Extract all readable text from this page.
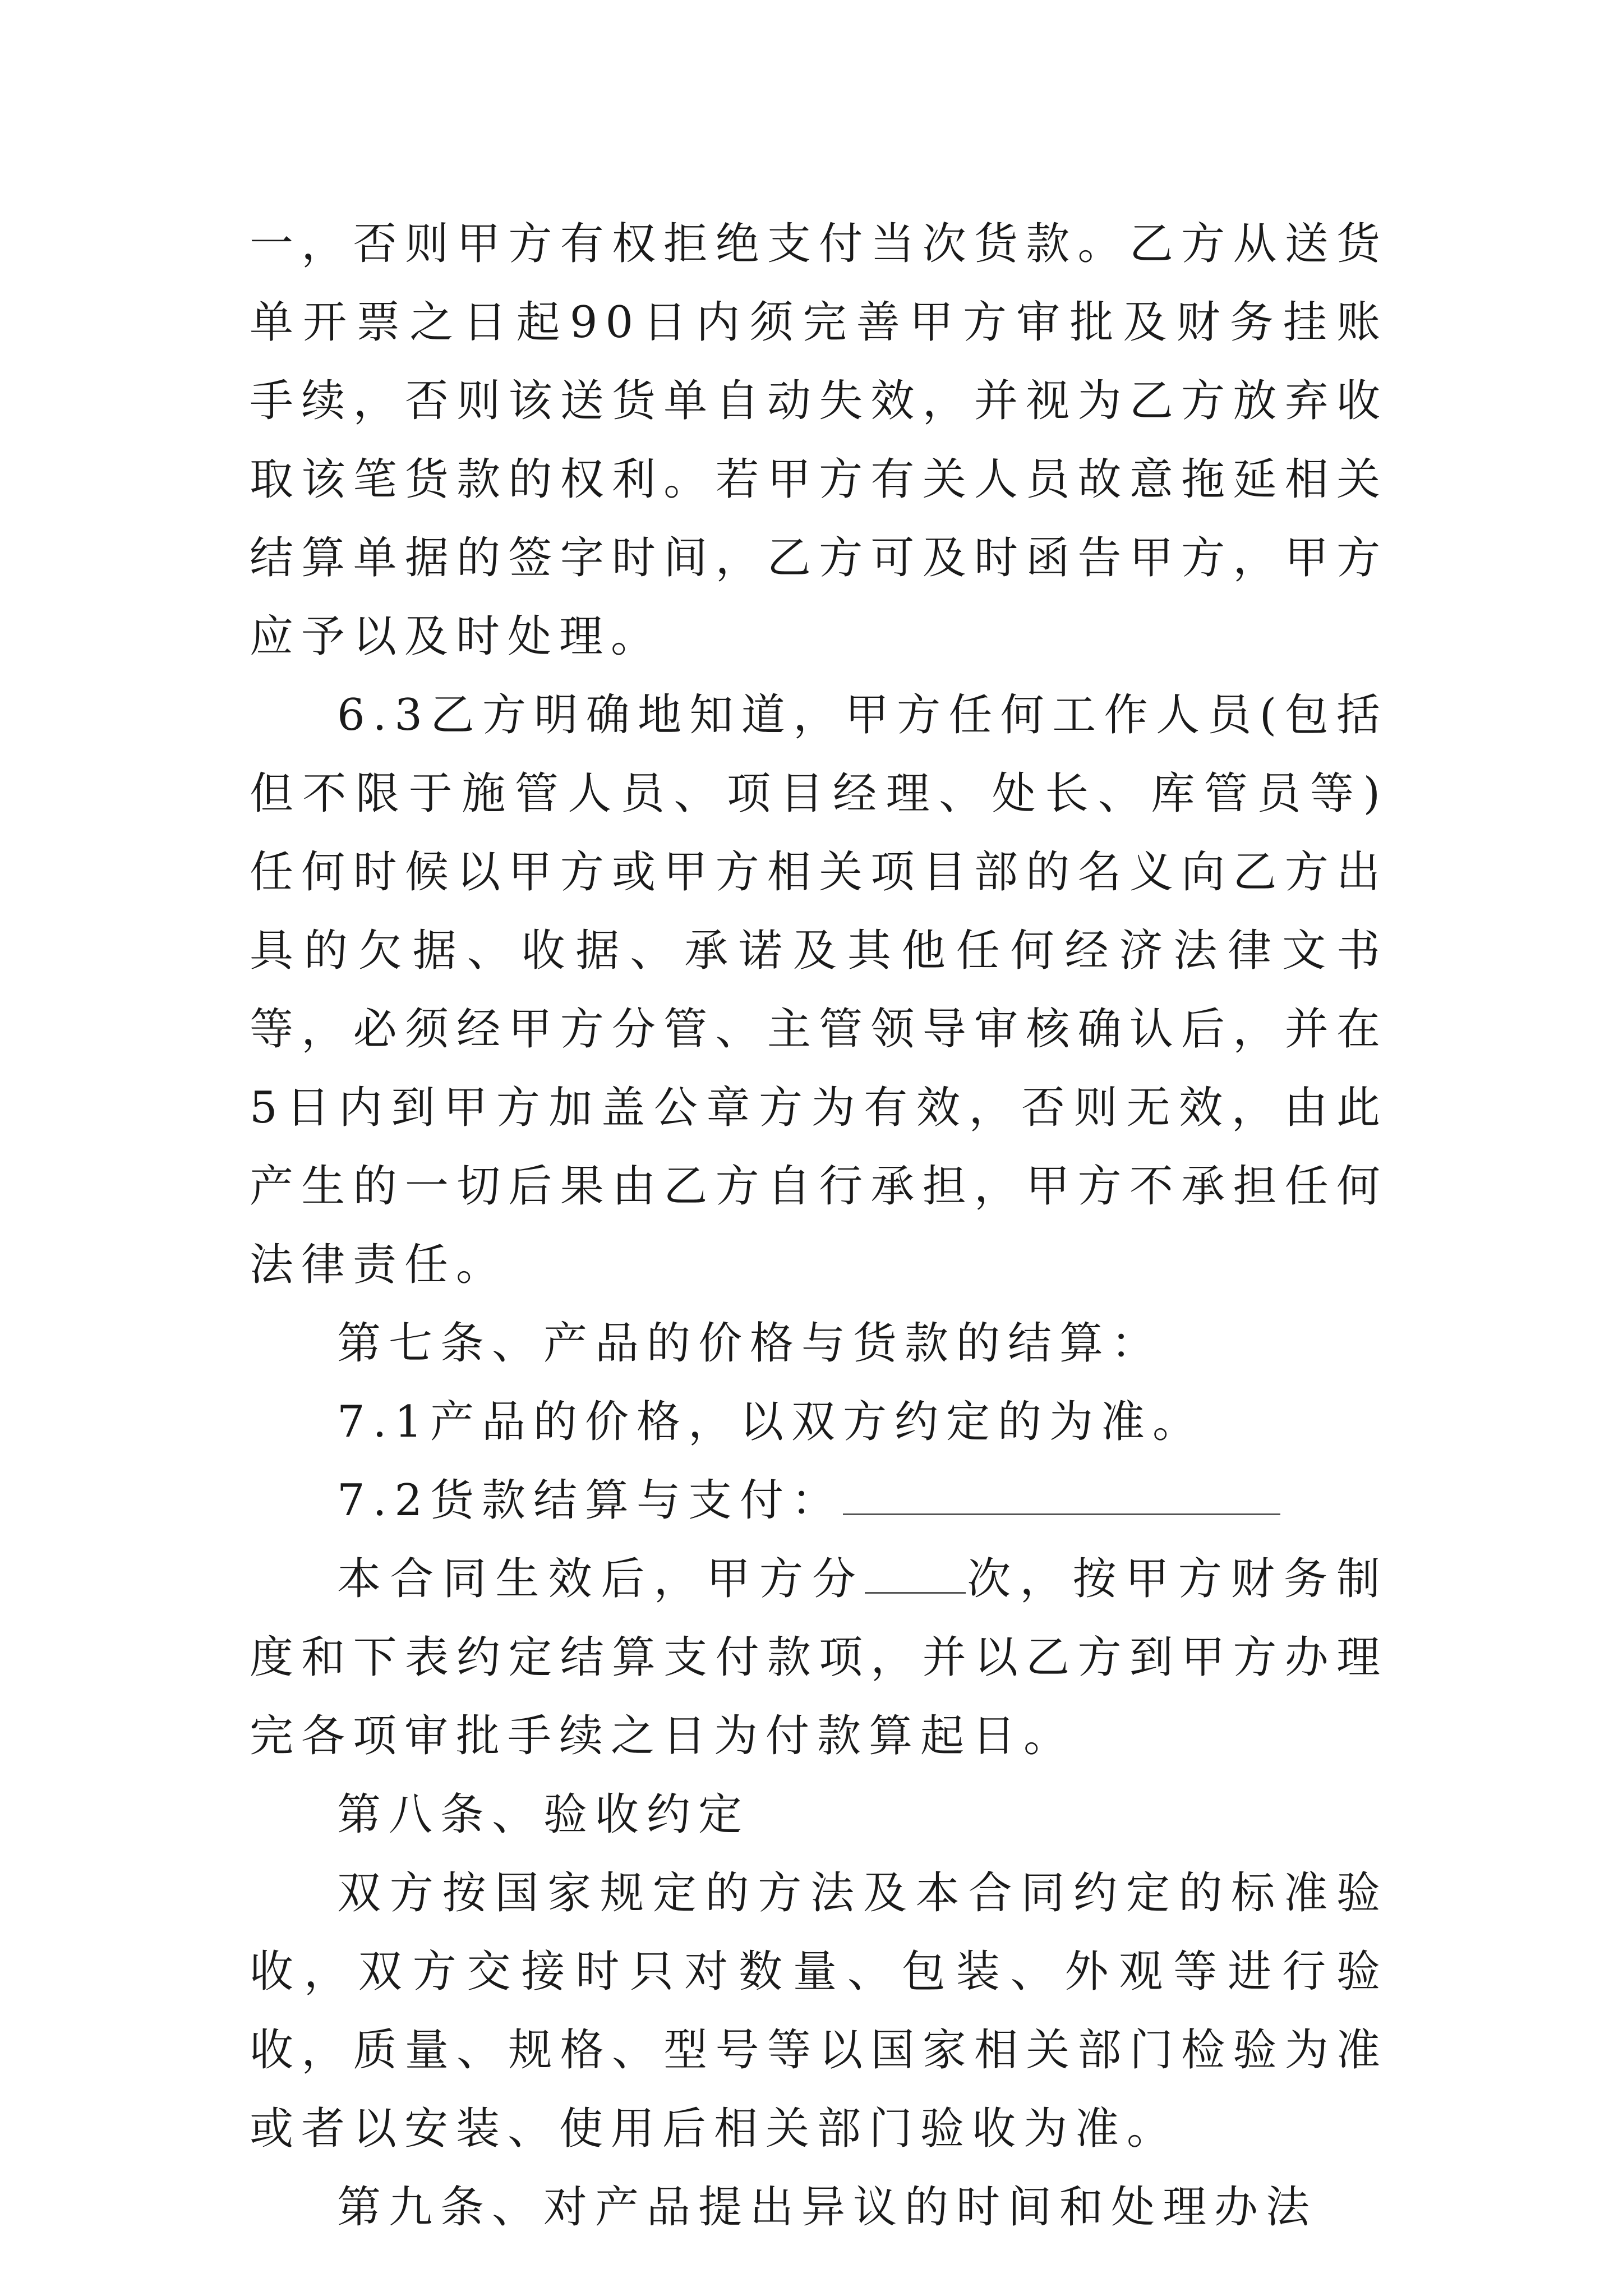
一，否则甲方有权拒绝支付当次货款。乙方从送货单开票之日起90日内须完善甲方审批及财务挂账手续，否则该送货单自动失效，并视为乙方放弃收取该笔货款的权利。若甲方有关人员故意拖延相关结算单据的签字时间，乙方可及时函告甲方，甲方应予以及时处理。

6.3乙方明确地知道，甲方任何工作人员(包括但不限于施管人员、项目经理、处长、库管员等)任何时候以甲方或甲方相关项目部的名义向乙方出具的欠据、收据、承诺及其他任何经济法律文书等，必须经甲方分管、主管领导审核确认后，并在5日内到甲方加盖公章方为有效，否则无效，由此产生的一切后果由乙方自行承担，甲方不承担任何法律责任。

第七条、产品的价格与货款的结算：

7.1产品的价格，以双方约定的为准。

7.2货款结算与支付：

本合同生效后，甲方分 次，按甲方财务制度和下表约定结算支付款项，并以乙方到甲方办理完各项审批手续之日为付款算起日。

第八条、验收约定

双方按国家规定的方法及本合同约定的标准验收，双方交接时只对数量、包装、外观等进行验收，质量、规格、型号等以国家相关部门检验为准或者以安装、使用后相关部门验收为准。

第九条、对产品提出异议的时间和处理办法
